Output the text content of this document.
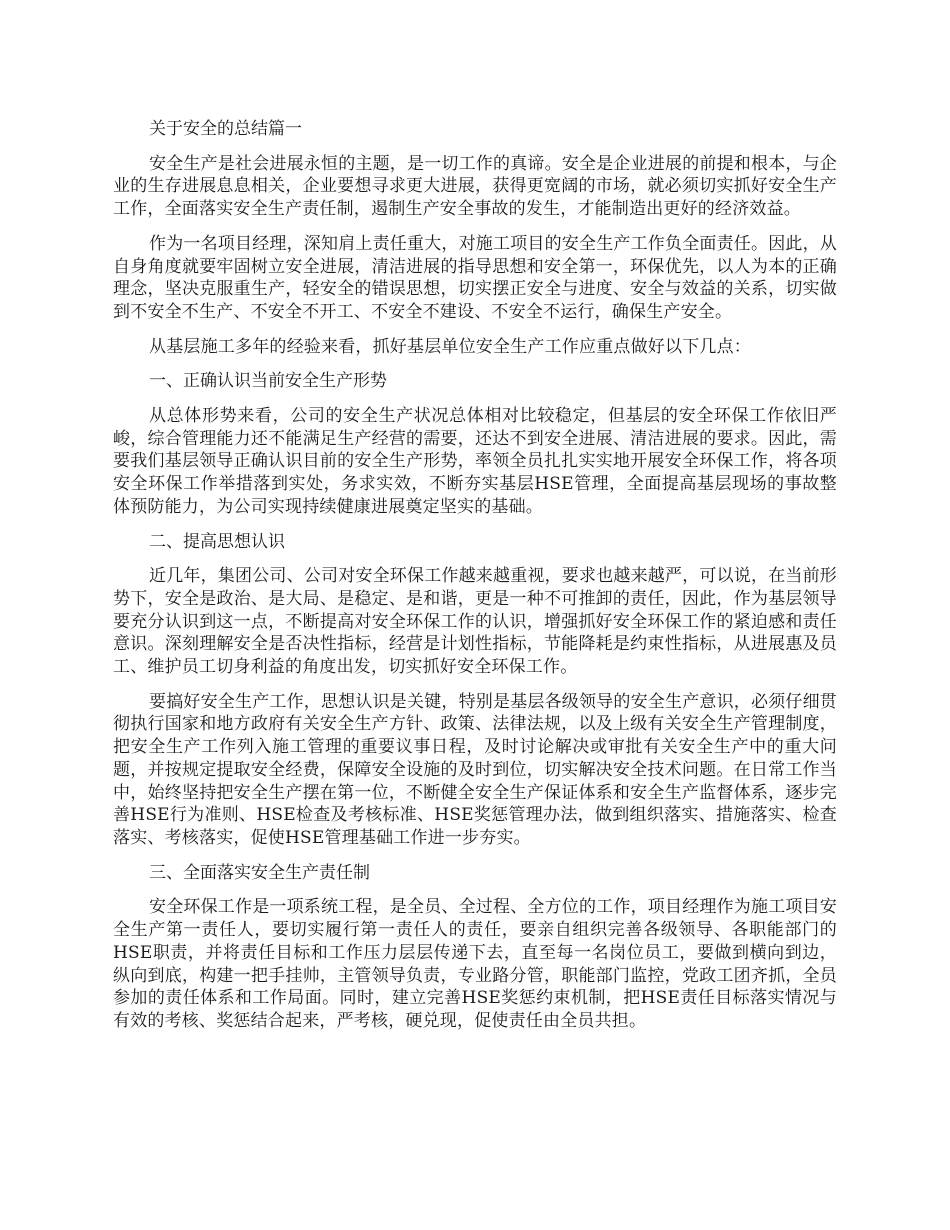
关于安全的总结篇一

安全生产是社会进展永恒的主题，是一切工作的真谛。安全是企业进展的前提和根本，与企业的生存进展息息相关，企业要想寻求更大进展，获得更宽阔的市场，就必须切实抓好安全生产工作，全面落实安全生产责任制，遏制生产安全事故的发生，才能制造出更好的经济效益。

作为一名项目经理，深知肩上责任重大，对施工项目的安全生产工作负全面责任。因此，从自身角度就要牢固树立安全进展，清洁进展的指导思想和安全第一，环保优先，以人为本的正确理念，坚决克服重生产，轻安全的错误思想，切实摆正安全与进度、安全与效益的关系，切实做到不安全不生产、不安全不开工、不安全不建设、不安全不运行，确保生产安全。

从基层施工多年的经验来看，抓好基层单位安全生产工作应重点做好以下几点：

一、正确认识当前安全生产形势

从总体形势来看，公司的安全生产状况总体相对比较稳定，但基层的安全环保工作依旧严峻，综合管理能力还不能满足生产经营的需要，还达不到安全进展、清洁进展的要求。因此，需要我们基层领导正确认识目前的安全生产形势，率领全员扎扎实实地开展安全环保工作，将各项安全环保工作举措落到实处，务求实效，不断夯实基层HSE管理，全面提高基层现场的事故整体预防能力，为公司实现持续健康进展奠定坚实的基础。

二、提高思想认识

近几年，集团公司、公司对安全环保工作越来越重视，要求也越来越严，可以说，在当前形势下，安全是政治、是大局、是稳定、是和谐，更是一种不可推卸的责任，因此，作为基层领导要充分认识到这一点，不断提高对安全环保工作的认识，增强抓好安全环保工作的紧迫感和责任意识。深刻理解安全是否决性指标，经营是计划性指标，节能降耗是约束性指标，从进展惠及员工、维护员工切身利益的角度出发，切实抓好安全环保工作。

要搞好安全生产工作，思想认识是关键，特别是基层各级领导的安全生产意识，必须仔细贯彻执行国家和地方政府有关安全生产方针、政策、法律法规，以及上级有关安全生产管理制度，把安全生产工作列入施工管理的重要议事日程，及时讨论解决或审批有关安全生产中的重大问题，并按规定提取安全经费，保障安全设施的及时到位，切实解决安全技术问题。在日常工作当中，始终坚持把安全生产摆在第一位，不断健全安全生产保证体系和安全生产监督体系，逐步完善HSE行为准则、HSE检查及考核标准、HSE奖惩管理办法，做到组织落实、措施落实、检查落实、考核落实，促使HSE管理基础工作进一步夯实。

三、全面落实安全生产责任制

安全环保工作是一项系统工程，是全员、全过程、全方位的工作，项目经理作为施工项目安全生产第一责任人，要切实履行第一责任人的责任，要亲自组织完善各级领导、各职能部门的HSE职责，并将责任目标和工作压力层层传递下去，直至每一名岗位员工，要做到横向到边，纵向到底，构建一把手挂帅，主管领导负责，专业路分管，职能部门监控，党政工团齐抓，全员参加的责任体系和工作局面。同时，建立完善HSE奖惩约束机制，把HSE责任目标落实情况与有效的考核、奖惩结合起来，严考核，硬兑现，促使责任由全员共担。
